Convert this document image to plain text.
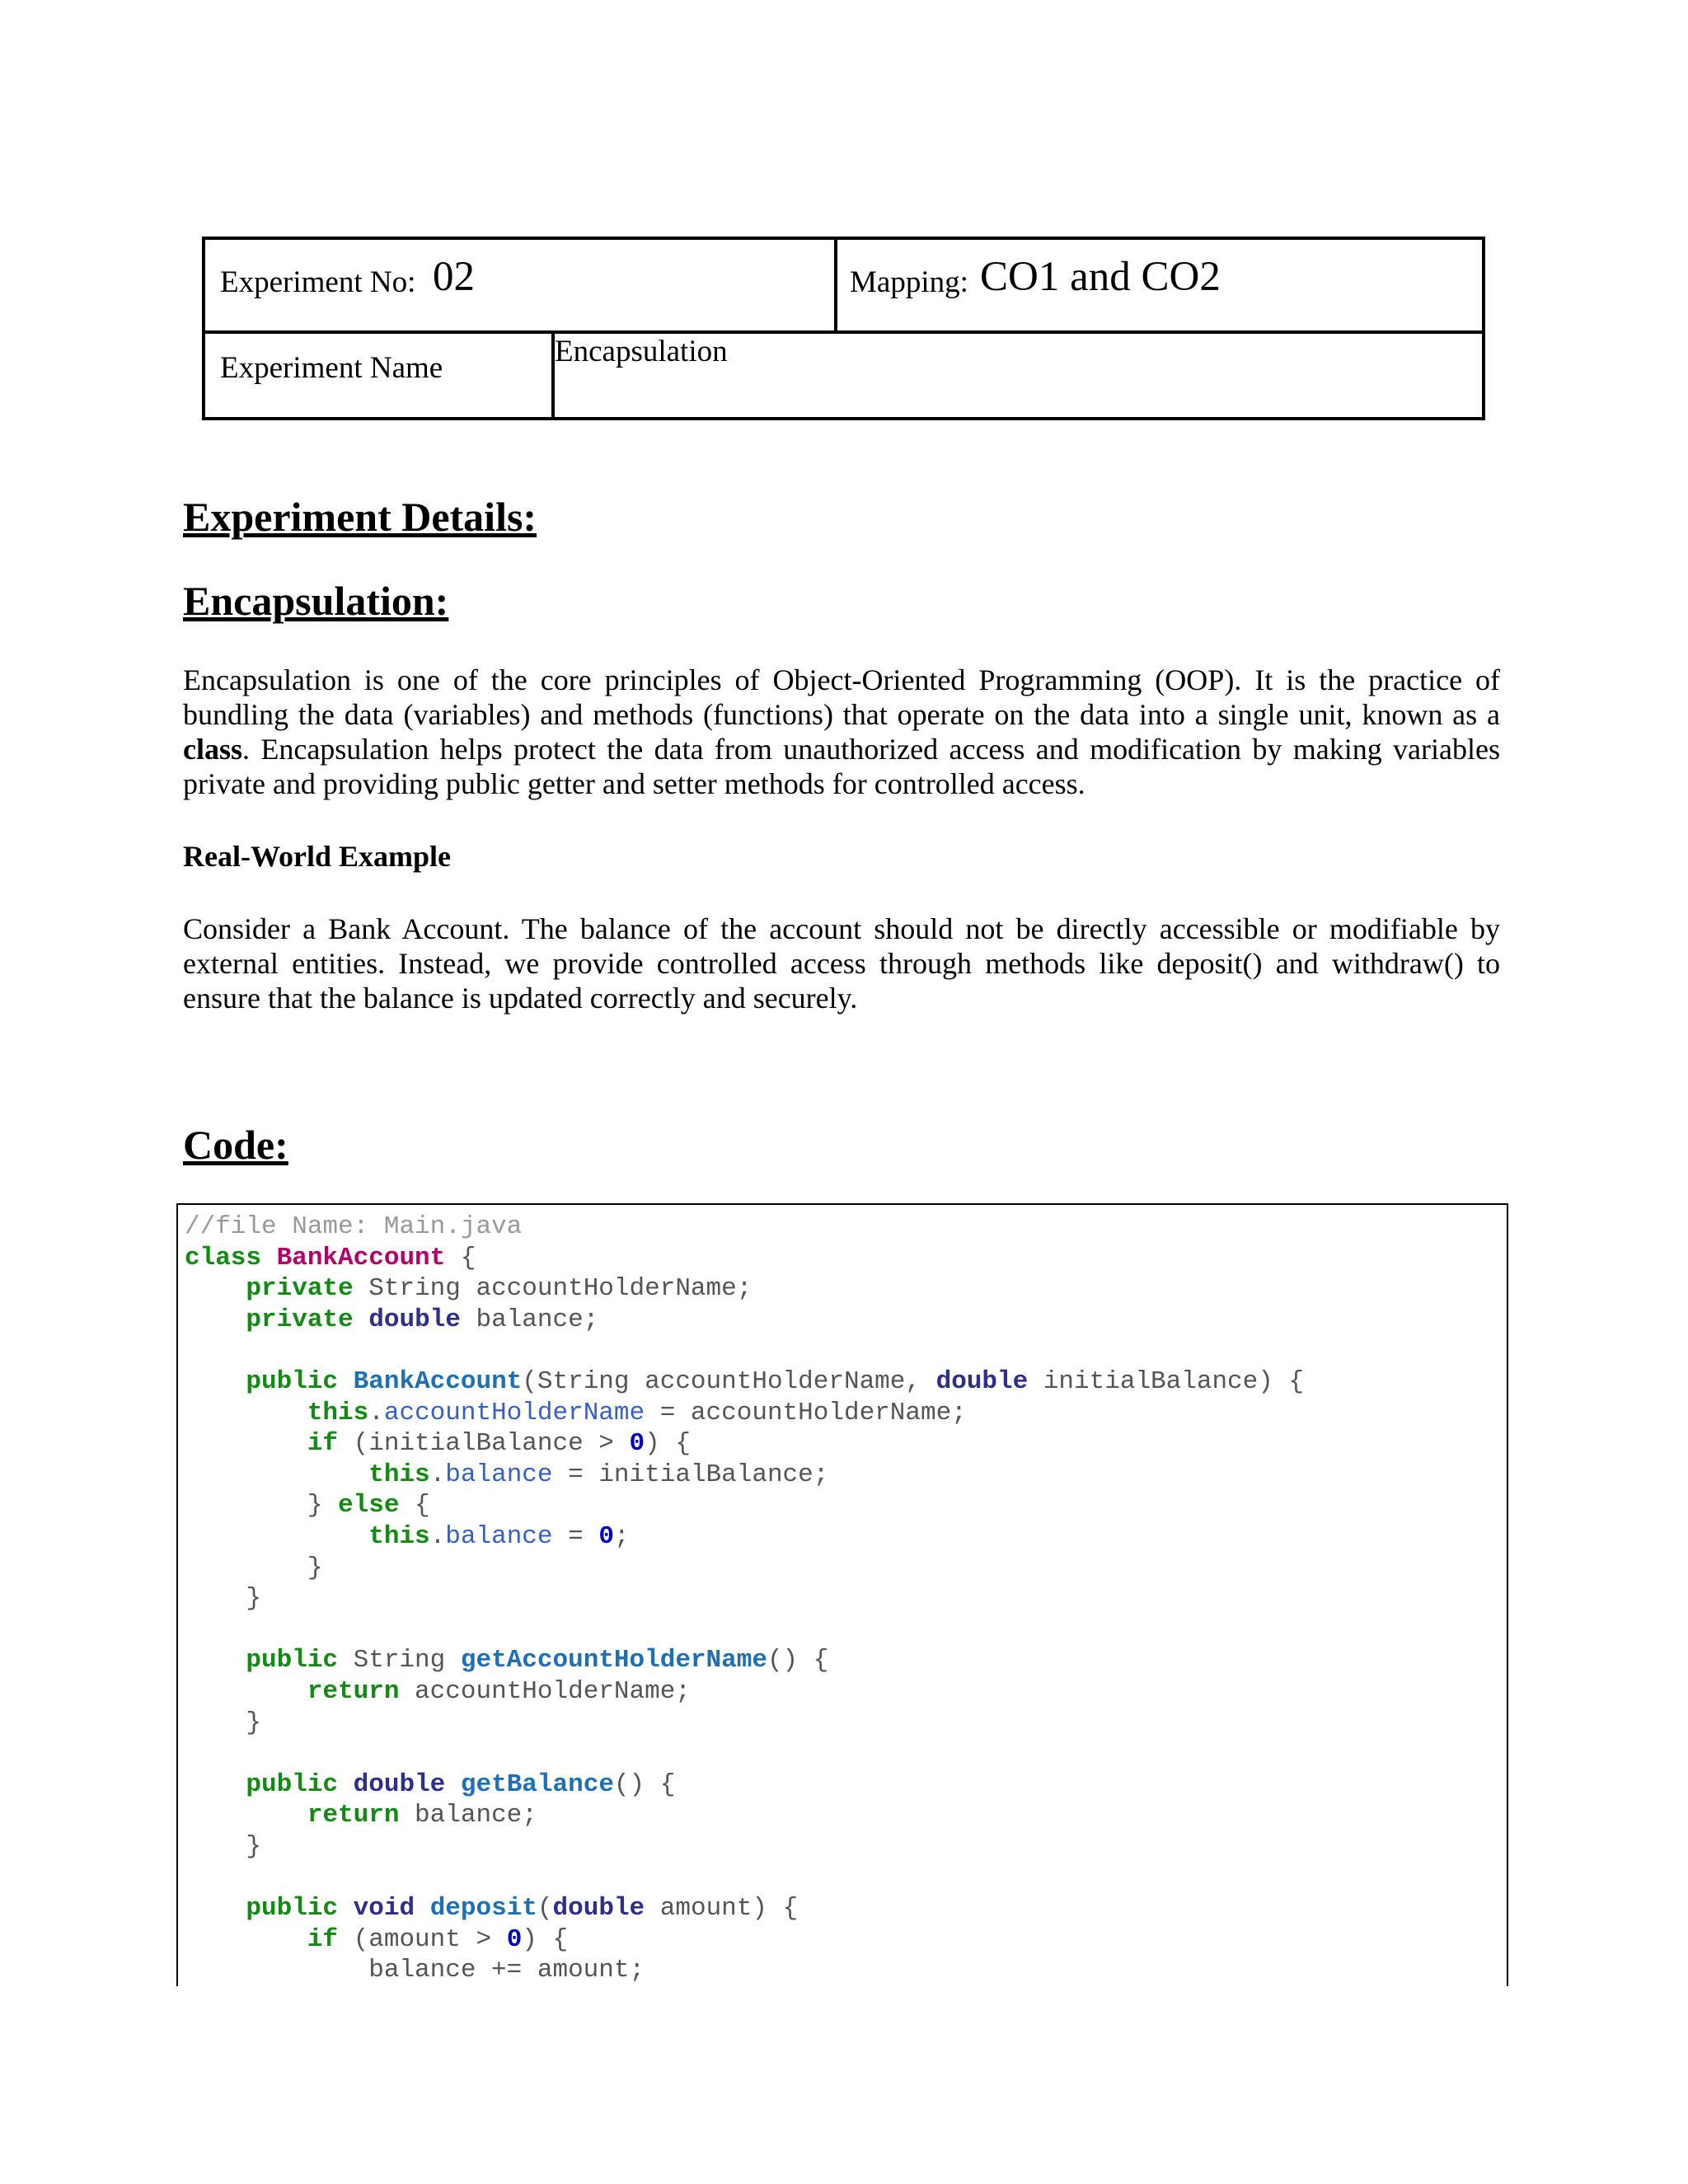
Experiment No: 02	Mapping: CO1 and CO2
Experiment Name	Encapsulation
Experiment Details:
Encapsulation:
Encapsulation is one of the core principles of Object-Oriented Programming (OOP). It is the practice of
bundling the data (variables) and methods (functions) that operate on the data into a single unit, known as a
class. Encapsulation helps protect the data from unauthorized access and modification by making variables
private and providing public getter and setter methods for controlled access.
Real-World Example
Consider a Bank Account. The balance of the account should not be directly accessible or modifiable by
external entities. Instead, we provide controlled access through methods like deposit() and withdraw() to
ensure that the balance is updated correctly and securely.
Code:
//file Name: Main.java
class BankAccount {
private String accountHolderName;
private double balance;

public BankAccount(String accountHolderName, double initialBalance) {
this.accountHolderName = accountHolderName;
if (initialBalance > 0) {
this.balance = initialBalance;
} else {
this.balance = 0;
}
}

public String getAccountHolderName() {
return accountHolderName;
}

public double getBalance() {
return balance;
}

public void deposit(double amount) {
if (amount > 0) {
balance += amount;
